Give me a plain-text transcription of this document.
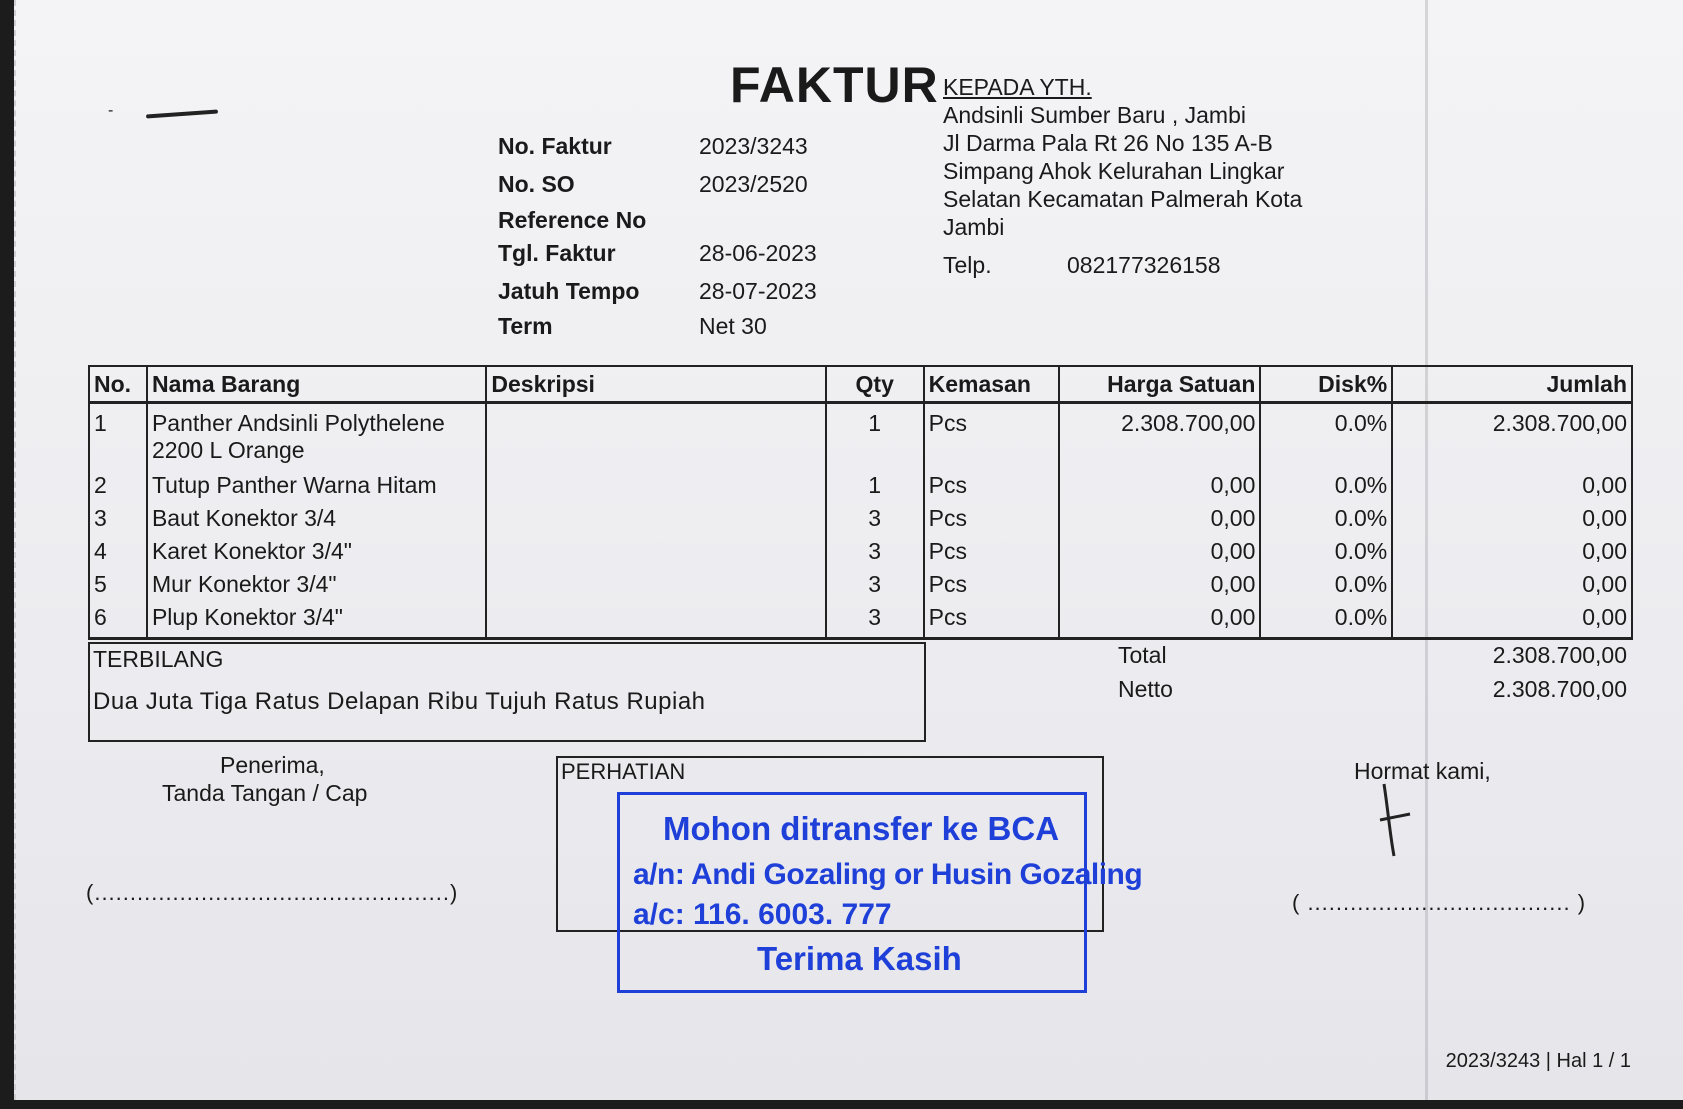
-	FAKTUR
No. Faktur	2023/3243
No. SO	2023/2520
Reference No
Tgl. Faktur	28-06-2023
Jatuh Tempo	28-07-2023
Term	Net 30
KEPADA YTH.
Andsinli Sumber Baru , Jambi
Jl Darma Pala Rt 26 No 135 A-B
Simpang Ahok Kelurahan Lingkar
Selatan Kecamatan Palmerah Kota
Jambi
Telp.	082177326158
No.	Nama Barang	Deskripsi	Qty	Kemasan	Harga Satuan	Disk%	Jumlah
1	Panther Andsinli Polythelene 2200 L Orange		1	Pcs	2.308.700,00	0.0%	2.308.700,00
2	Tutup Panther Warna Hitam		1	Pcs	0,00	0.0%	0,00
3	Baut Konektor 3/4		3	Pcs	0,00	0.0%	0,00
4	Karet Konektor 3/4"		3	Pcs	0,00	0.0%	0,00
5	Mur Konektor 3/4"		3	Pcs	0,00	0.0%	0,00
6	Plup Konektor 3/4"		3	Pcs	0,00	0.0%	0,00
TERBILANG
Dua Juta Tiga Ratus Delapan Ribu Tujuh Ratus Rupiah
Total	2.308.700,00
Netto	2.308.700,00
Penerima,
Tanda Tangan / Cap
(..................................................)
PERHATIAN
Mohon ditransfer ke BCA
a/n: Andi Gozaling or Husin Gozaling
a/c: 116. 6003. 777
Terima Kasih
Hormat kami,
( ..................................... )
2023/3243 | Hal 1 / 1
